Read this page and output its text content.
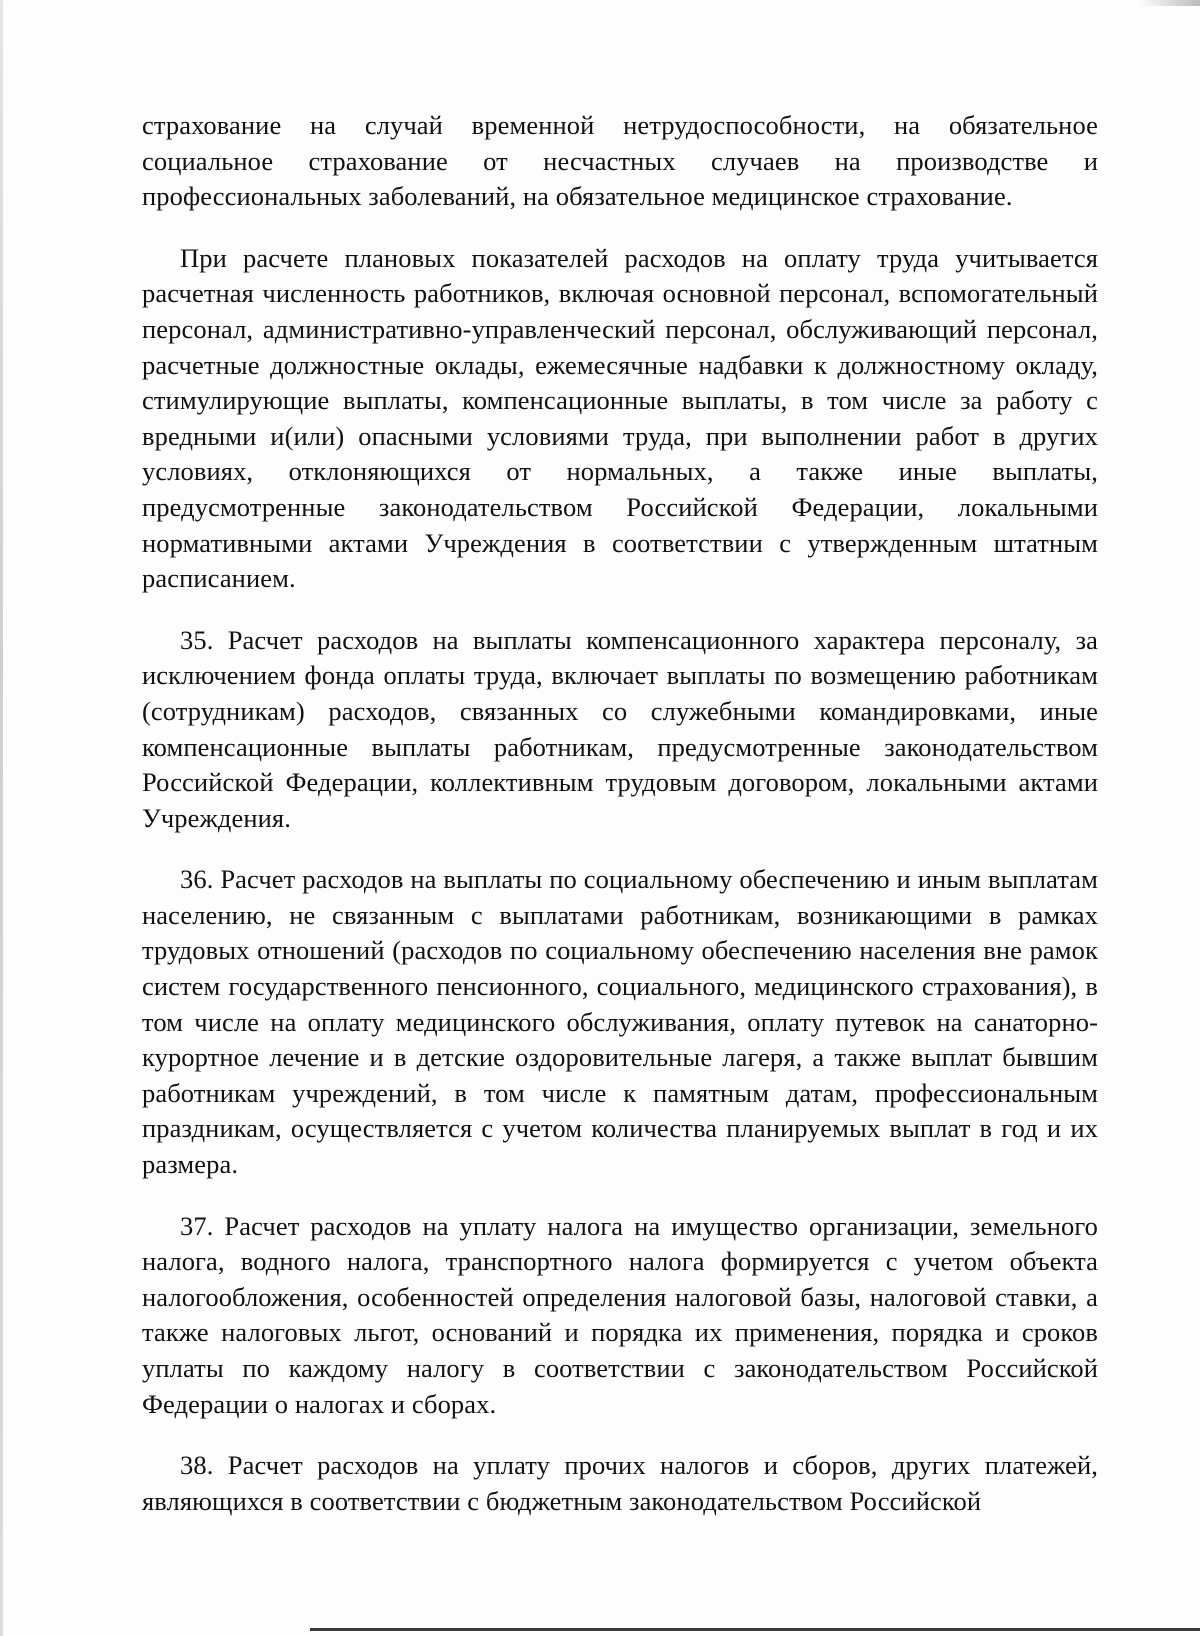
страхование на случай временной нетрудоспособности, на обязательное социальное страхование от несчастных случаев на производстве и профессиональных заболеваний, на обязательное медицинское страхование.

При расчете плановых показателей расходов на оплату труда учитывается расчетная численность работников, включая основной персонал, вспомогательный персонал, административно-управленческий персонал, обслуживающий персонал, расчетные должностные оклады, ежемесячные надбавки к должностному окладу, стимулирующие выплаты, компенсационные выплаты, в том числе за работу с вредными и(или) опасными условиями труда, при выполнении работ в других условиях, отклоняющихся от нормальных, а также иные выплаты, предусмотренные законодательством Российской Федерации, локальными нормативными актами Учреждения в соответствии с утвержденным штатным расписанием.

35. Расчет расходов на выплаты компенсационного характера персоналу, за исключением фонда оплаты труда, включает выплаты по возмещению работникам (сотрудникам) расходов, связанных со служебными командировками, иные компенсационные выплаты работникам, предусмотренные законодательством Российской Федерации, коллективным трудовым договором, локальными актами Учреждения.

36. Расчет расходов на выплаты по социальному обеспечению и иным выплатам населению, не связанным с выплатами работникам, возникающими в рамках трудовых отношений (расходов по социальному обеспечению населения вне рамок систем государственного пенсионного, социального, медицинского страхования), в том числе на оплату медицинского обслуживания, оплату путевок на санаторно-курортное лечение и в детские оздоровительные лагеря, а также выплат бывшим работникам учреждений, в том числе к памятным датам, профессиональным праздникам, осуществляется с учетом количества планируемых выплат в год и их размера.

37. Расчет расходов на уплату налога на имущество организации, земельного налога, водного налога, транспортного налога формируется с учетом объекта налогообложения, особенностей определения налоговой базы, налоговой ставки, а также налоговых льгот, оснований и порядка их применения, порядка и сроков уплаты по каждому налогу в соответствии с законодательством Российской Федерации о налогах и сборах.

38. Расчет расходов на уплату прочих налогов и сборов, других платежей, являющихся в соответствии с бюджетным законодательством Российской
